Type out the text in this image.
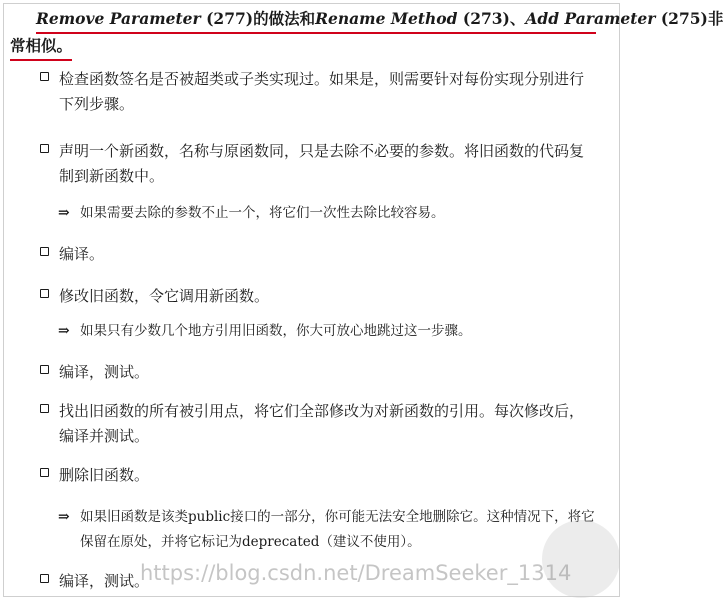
Remove Parameter (277)的做法和Rename Method (273)、Add Parameter (275)非
常相似。
检查函数签名是否被超类或子类实现过。如果是，则需要针对每份实现分别进行下列步骤。
声明一个新函数，名称与原函数同，只是去除不必要的参数。将旧函数的代码复制到新函数中。
⇒ 如果需要去除的参数不止一个，将它们一次性去除比较容易。
编译。
修改旧函数，令它调用新函数。
⇒ 如果只有少数几个地方引用旧函数，你大可放心地跳过这一步骤。
编译，测试。
找出旧函数的所有被引用点，将它们全部修改为对新函数的引用。每次修改后，编译并测试。
删除旧函数。
⇒ 如果旧函数是该类public接口的一部分，你可能无法安全地删除它。这种情况下，将它保留在原处，并将它标记为deprecated（建议不使用）。
编译，测试。
https://blog.csdn.net/DreamSeeker_1314
